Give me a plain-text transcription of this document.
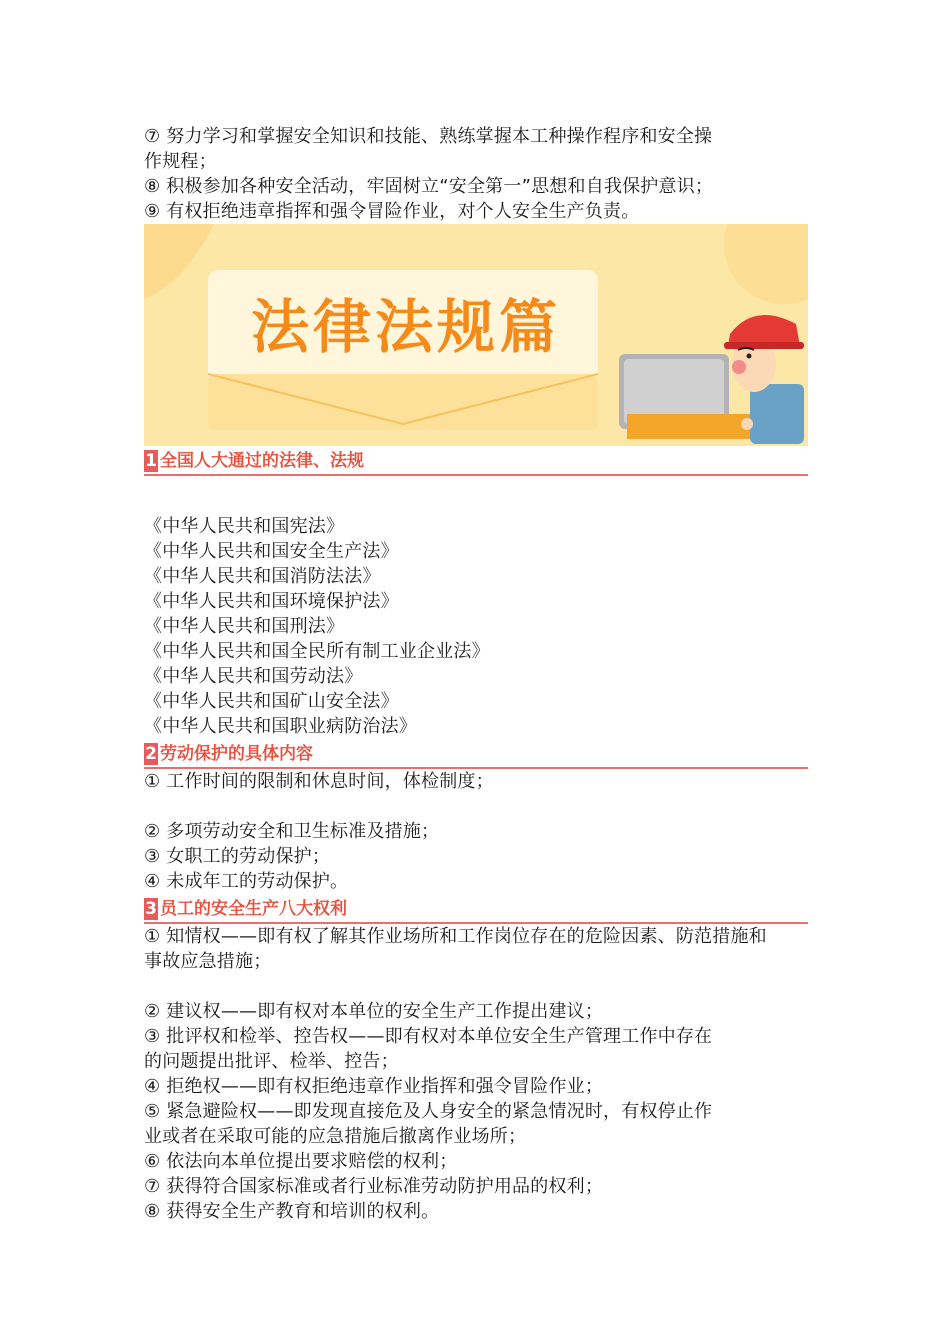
⑦ 努力学习和掌握安全知识和技能、熟练掌握本工种操作程序和安全操
作规程；
⑧ 积极参加各种安全活动，牢固树立“安全第一”思想和自我保护意识；
⑨ 有权拒绝违章指挥和强令冒险作业，对个人安全生产负责。
法律法规篇
1 全国人大通过的法律、法规
《中华人民共和国宪法》
《中华人民共和国安全生产法》
《中华人民共和国消防法法》
《中华人民共和国环境保护法》
《中华人民共和国刑法》
《中华人民共和国全民所有制工业企业法》
《中华人民共和国劳动法》
《中华人民共和国矿山安全法》
《中华人民共和国职业病防治法》
2 劳动保护的具体内容
① 工作时间的限制和休息时间，体检制度；
② 多项劳动安全和卫生标准及措施；
③ 女职工的劳动保护；
④ 未成年工的劳动保护。
3 员工的安全生产八大权利
① 知情权——即有权了解其作业场所和工作岗位存在的危险因素、防范措施和
事故应急措施；
② 建议权——即有权对本单位的安全生产工作提出建议；
③ 批评权和检举、控告权——即有权对本单位安全生产管理工作中存在
的问题提出批评、检举、控告；
④ 拒绝权——即有权拒绝违章作业指挥和强令冒险作业；
⑤ 紧急避险权——即发现直接危及人身安全的紧急情况时，有权停止作
业或者在采取可能的应急措施后撤离作业场所；
⑥ 依法向本单位提出要求赔偿的权利；
⑦ 获得符合国家标准或者行业标准劳动防护用品的权利；
⑧ 获得安全生产教育和培训的权利。
